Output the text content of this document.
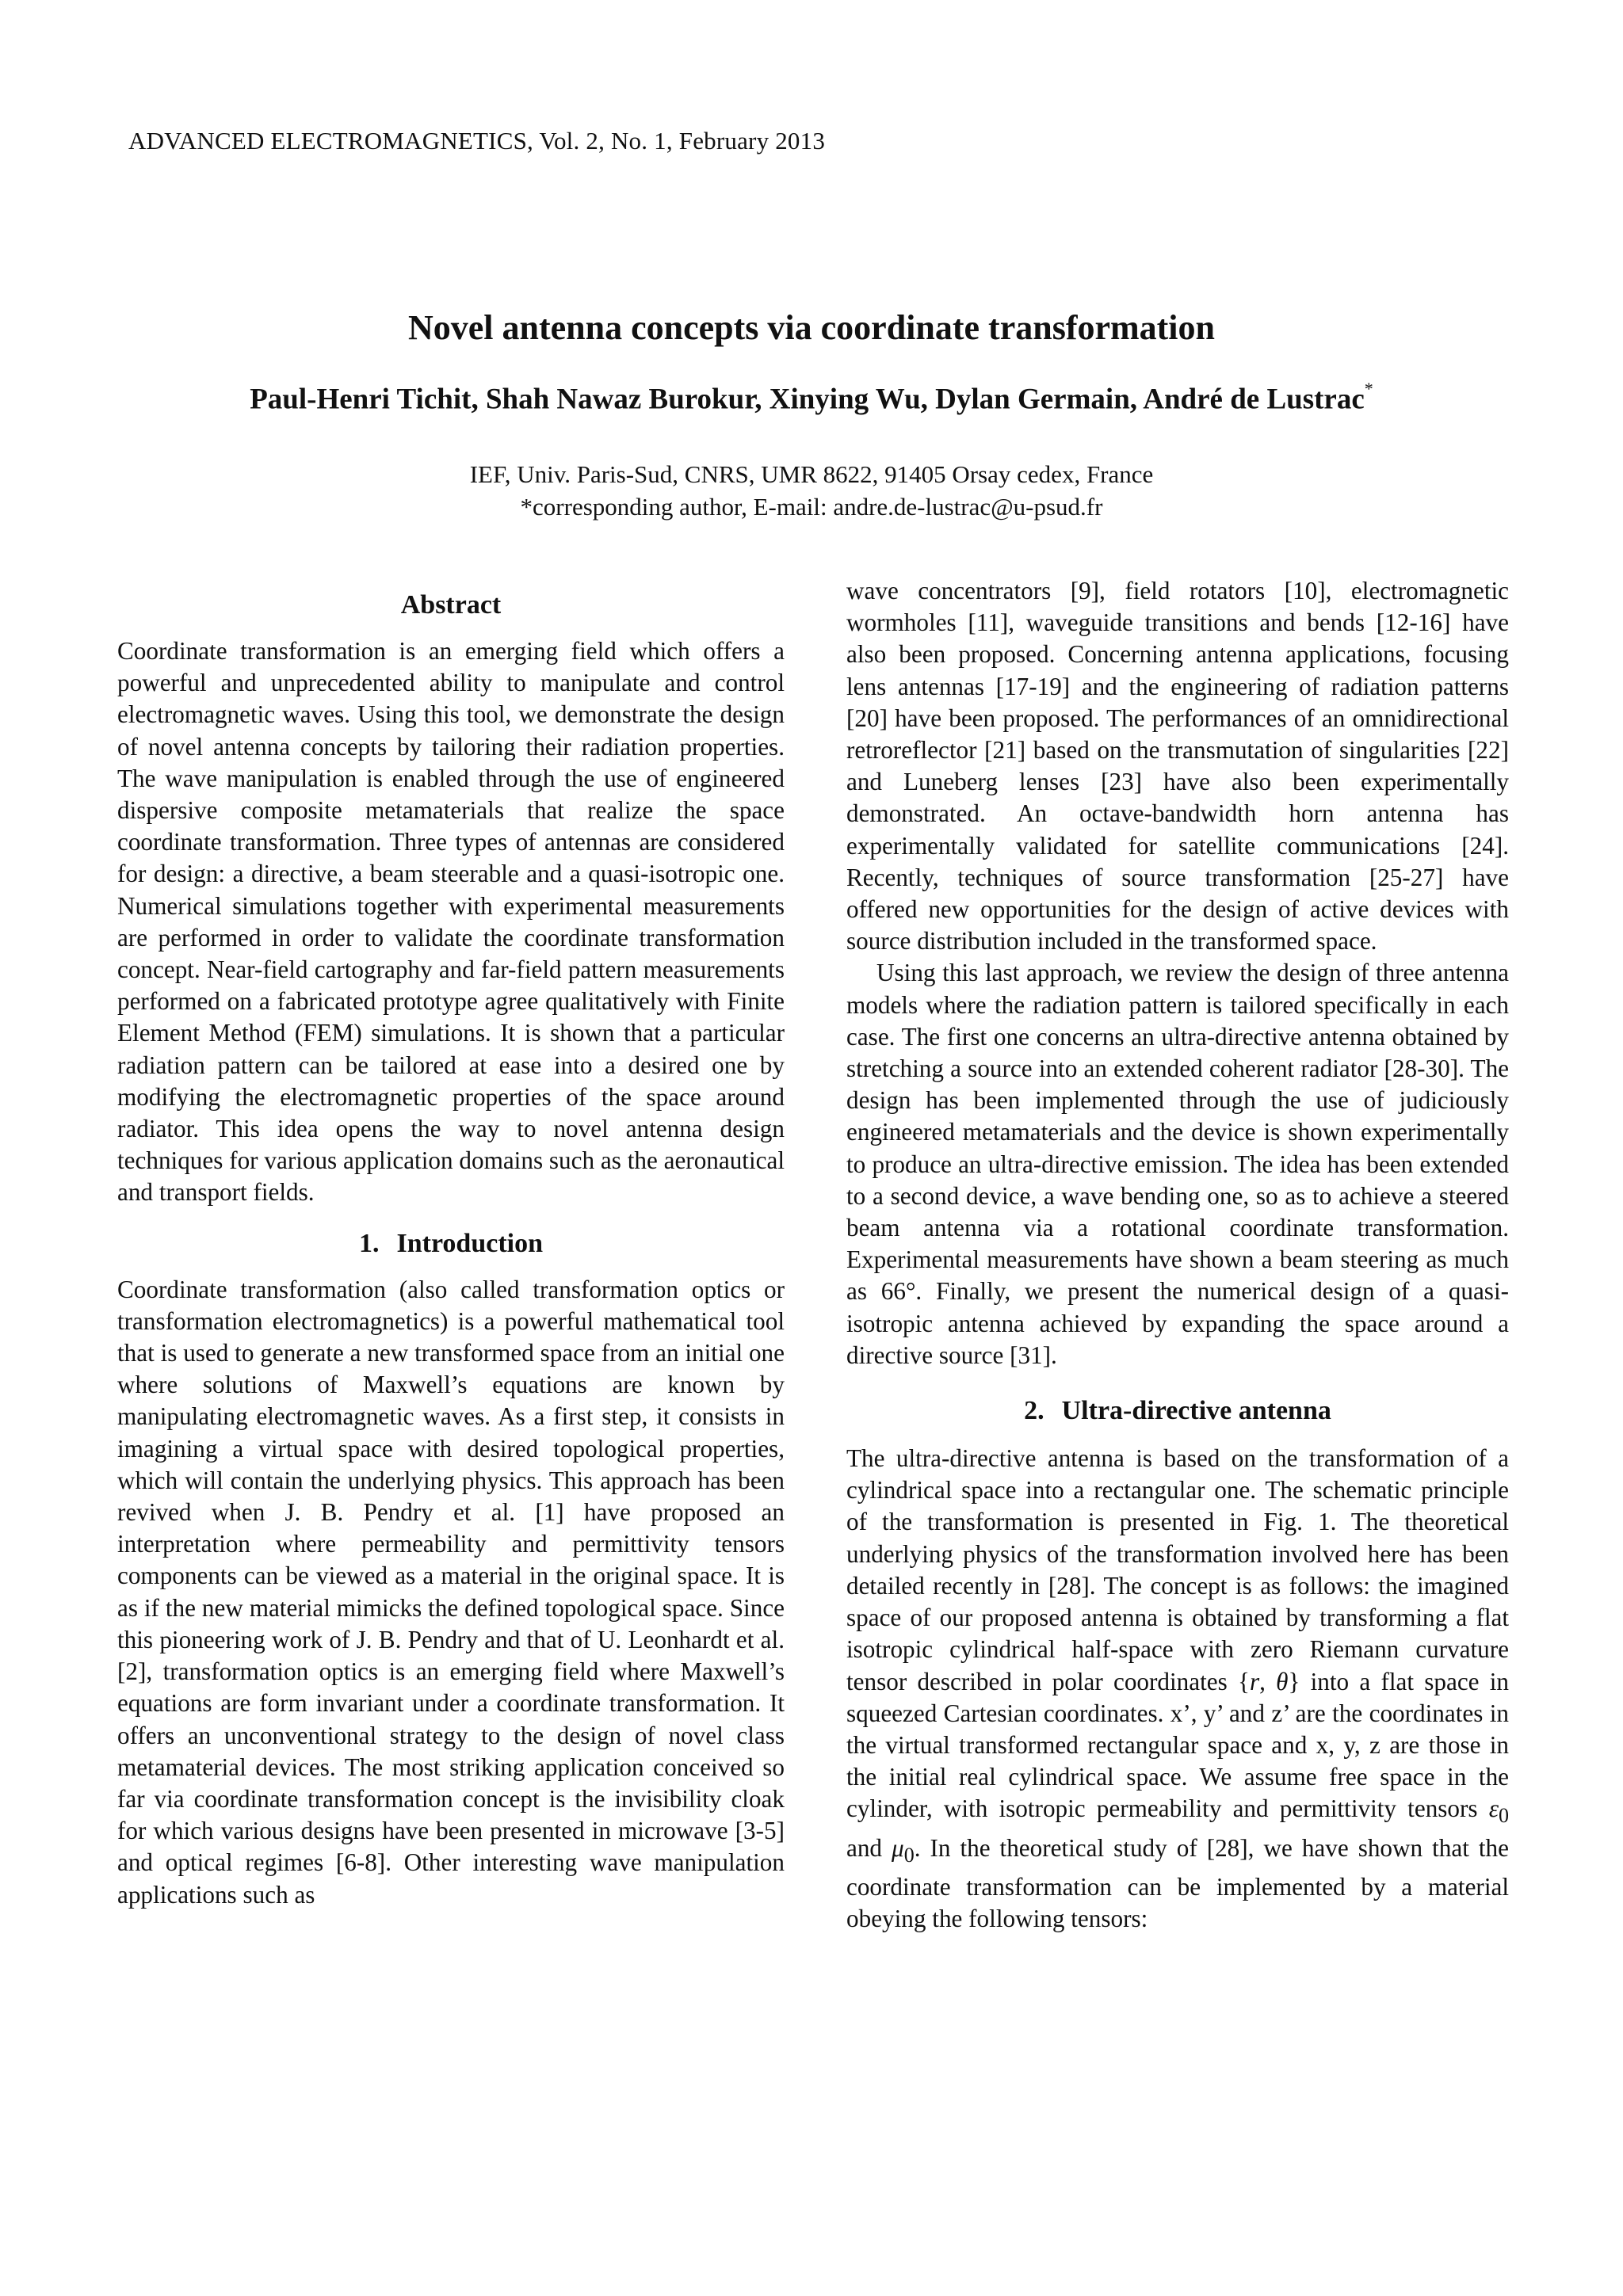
ADVANCED ELECTROMAGNETICS, Vol. 2, No. 1, February 2013
Novel antenna concepts via coordinate transformation
Paul-Henri Tichit, Shah Nawaz Burokur, Xinying Wu, Dylan Germain, André de Lustrac*
IEF, Univ. Paris-Sud, CNRS, UMR 8622, 91405 Orsay cedex, France
*corresponding author, E-mail: andre.de-lustrac@u-psud.fr
Abstract

Coordinate transformation is an emerging field which offers a powerful and unprecedented ability to manipulate and control electromagnetic waves. Using this tool, we demonstrate the design of novel antenna concepts by tailoring their radiation properties. The wave manipulation is enabled through the use of engineered dispersive composite metamaterials that realize the space coordinate transformation. Three types of antennas are considered for design: a directive, a beam steerable and a quasi-isotropic one. Numerical simulations together with experimental measurements are performed in order to validate the coordinate transformation concept. Near-field cartography and far-field pattern measurements performed on a fabricated prototype agree qualitatively with Finite Element Method (FEM) simulations. It is shown that a particular radiation pattern can be tailored at ease into a desired one by modifying the electromagnetic properties of the space around radiator. This idea opens the way to novel antenna design techniques for various application domains such as the aeronautical and transport fields.

1. Introduction

Coordinate transformation (also called transformation optics or transformation electromagnetics) is a powerful mathematical tool that is used to generate a new transformed space from an initial one where solutions of Maxwell’s equations are known by manipulating electromagnetic waves. As a first step, it consists in imagining a virtual space with desired topological properties, which will contain the underlying physics. This approach has been revived when J. B. Pendry et al. [1] have proposed an interpretation where permeability and permittivity tensors components can be viewed as a material in the original space. It is as if the new material mimicks the defined topological space. Since this pioneering work of J. B. Pendry and that of U. Leonhardt et al. [2], transformation optics is an emerging field where Maxwell’s equations are form invariant under a coordinate transformation. It offers an unconventional strategy to the design of novel class metamaterial devices. The most striking application conceived so far via coordinate transformation concept is the invisibility cloak for which various designs have been presented in microwave [3-5] and optical regimes [6-8]. Other interesting wave manipulation applications such as

wave concentrators [9], field rotators [10], electromagnetic wormholes [11], waveguide transitions and bends [12-16] have also been proposed. Concerning antenna applications, focusing lens antennas [17-19] and the engineering of radiation patterns [20] have been proposed. The performances of an omnidirectional retroreflector [21] based on the transmutation of singularities [22] and Luneberg lenses [23] have also been experimentally demonstrated. An octave-bandwidth horn antenna has experimentally validated for satellite communications [24]. Recently, techniques of source transformation [25-27] have offered new opportunities for the design of active devices with source distribution included in the transformed space.

Using this last approach, we review the design of three antenna models where the radiation pattern is tailored specifically in each case. The first one concerns an ultra-directive antenna obtained by stretching a source into an extended coherent radiator [28-30]. The design has been implemented through the use of judiciously engineered metamaterials and the device is shown experimentally to produce an ultra-directive emission. The idea has been extended to a second device, a wave bending one, so as to achieve a steered beam antenna via a rotational coordinate transformation. Experimental measurements have shown a beam steering as much as 66°. Finally, we present the numerical design of a quasi-isotropic antenna achieved by expanding the space around a directive source [31].

2. Ultra-directive antenna

The ultra-directive antenna is based on the transformation of a cylindrical space into a rectangular one. The schematic principle of the transformation is presented in Fig. 1. The theoretical underlying physics of the transformation involved here has been detailed recently in [28]. The concept is as follows: the imagined space of our proposed antenna is obtained by transforming a flat isotropic cylindrical half-space with zero Riemann curvature tensor described in polar coordinates {r, θ} into a flat space in squeezed Cartesian coordinates. x’, y’ and z’ are the coordinates in the virtual transformed rectangular space and x, y, z are those in the initial real cylindrical space. We assume free space in the cylinder, with isotropic permeability and permittivity tensors $\varepsilon_0$ and $\mu_0$. In the theoretical study of [28], we have shown that the coordinate transformation can be implemented by a material obeying the following tensors:
